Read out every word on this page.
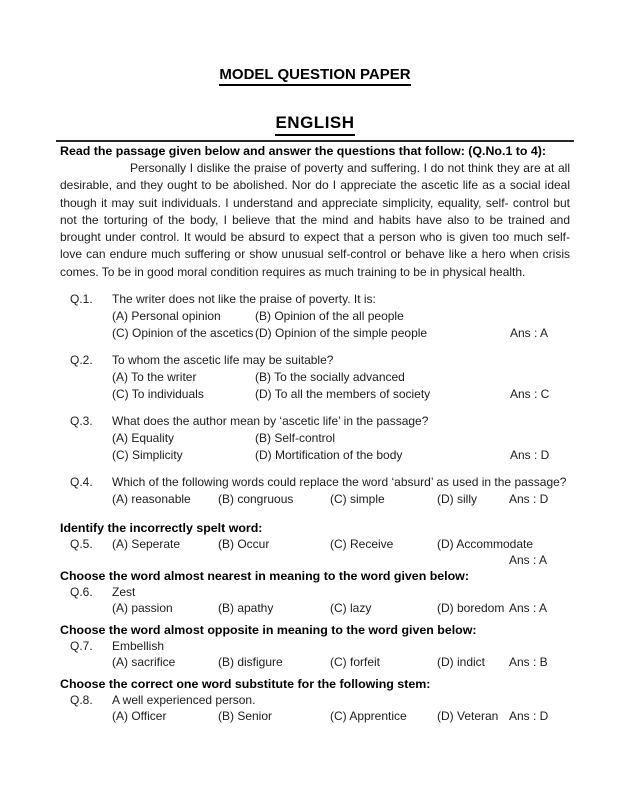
MODEL QUESTION PAPER
ENGLISH
Read the passage given below and answer the questions that follow: (Q.No.1 to 4):
Personally I dislike the praise of poverty and suffering. I do not think they are at all desirable, and they ought to be abolished. Nor do I appreciate the ascetic life as a social ideal though it may suit individuals. I understand and appreciate simplicity, equality, self- control but not the torturing of the body, I believe that the mind and habits have also to be trained and brought under control. It would be absurd to expect that a person who is given too much self-love can endure much suffering or show unusual self-control or behave like a hero when crisis comes. To be in good moral condition requires as much training to be in physical health.
Q.1.	The writer does not like the praise of poverty. It is:
(A) Personal opinion	(B) Opinion of the all people
(C) Opinion of the ascetics (D) Opinion of the simple people	Ans : A
Q.2.	To whom the ascetic life may be suitable?
(A) To the writer	(B) To the socially advanced
(C) To individuals	(D) To all the members of society	Ans : C
Q.3.	What does the author mean by ‘ascetic life’ in the passage?
(A) Equality	(B) Self-control
(C) Simplicity	(D) Mortification of the body	Ans : D
Q.4.	Which of the following words could replace the word ‘absurd’ as used in the passage?
(A) reasonable	(B) congruous	(C) simple	(D) silly	Ans : D
Identify the incorrectly spelt word:
Q.5.	(A) Seperate	(B) Occur	(C) Receive	(D) Accommodate
Ans : A
Choose the word almost nearest in meaning to the word given below:
Q.6.	Zest
(A) passion	(B) apathy	(C) lazy	(D) boredom Ans : A
Choose the word almost opposite in meaning to the word given below:
Q.7.	Embellish
(A) sacrifice	(B) disfigure	(C) forfeit	(D) indict	Ans : B
Choose the correct one word substitute for the following stem:
Q.8.	A well experienced person.
(A) Officer	(B) Senior	(C) Apprentice	(D) Veteran Ans : D
